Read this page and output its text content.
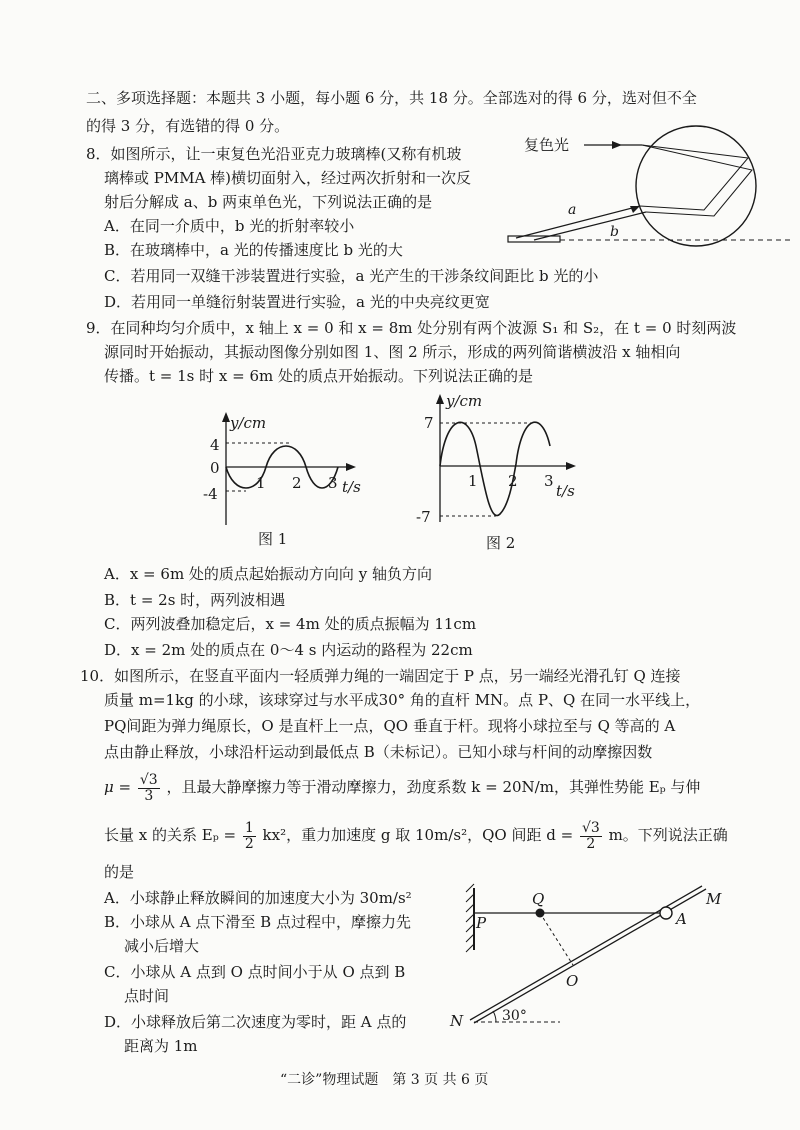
二、多项选择题：本题共 3 小题，每小题 6 分，共 18 分。全部选对的得 6 分，选对但不全
的得 3 分，有选错的得 0 分。
8．如图所示，让一束复色光沿亚克力玻璃棒(又称有机玻
璃棒或 PMMA 棒)横切面射入，经过两次折射和一次反
射后分解成 a、b 两束单色光，下列说法正确的是
A．在同一介质中，b 光的折射率较小
B．在玻璃棒中，a 光的传播速度比 b 光的大
C．若用同一双缝干涉装置进行实验，a 光产生的干涉条纹间距比 b 光的小
D．若用同一单缝衍射装置进行实验，a 光的中央亮纹更宽
复色光
a
b
9．在同种均匀介质中，x 轴上 x = 0 和 x = 8m 处分别有两个波源 S₁ 和 S₂，在 t = 0 时刻两波
源同时开始振动，其振动图像分别如图 1、图 2 所示，形成的两列简谐横波沿 x 轴相向
传播。t = 1s 时 x = 6m 处的质点开始振动。下列说法正确的是
y/cm
t/s
4
0
-4
1 2 3
图 1
y/cm
t/s
7
-7
1 2 3
图 2
A．x = 6m 处的质点起始振动方向向 y 轴负方向
B．t = 2s 时，两列波相遇
C．两列波叠加稳定后，x = 4m 处的质点振幅为 11cm
D．x = 2m 处的质点在 0～4 s 内运动的路程为 22cm
10．如图所示，在竖直平面内一轻质弹力绳的一端固定于 P 点，另一端经光滑孔钉 Q 连接
质量 m=1kg 的小球，该球穿过与水平成30° 角的直杆 MN。点 P、Q 在同一水平线上，
PQ间距为弹力绳原长，O 是直杆上一点，QO 垂直于杆。现将小球拉至与 Q 等高的 A
点由静止释放，小球沿杆运动到最低点 B（未标记）。已知小球与杆间的动摩擦因数
$\mu = \frac{√3}{3}$ ，且最大静摩擦力等于滑动摩擦力，劲度系数 k = 20N/m，其弹性势能 Eₚ 与伸
长量 x 的关系 $E_p = \frac{1}{2} kx^2$，重力加速度 g 取 10m/s²，QO 间距 $d = \frac{√3}{2}$ m。下列说法正确
的是
A．小球静止释放瞬间的加速度大小为 30m/s²
B．小球从 A 点下滑至 B 点过程中，摩擦力先
减小后增大
C．小球从 A 点到 O 点时间小于从 O 点到 B
点时间
D．小球释放后第二次速度为零时，距 A 点的
距离为 1m
P
Q
A
M
N
O
30°
“二诊”物理试题　第 3 页 共 6 页
